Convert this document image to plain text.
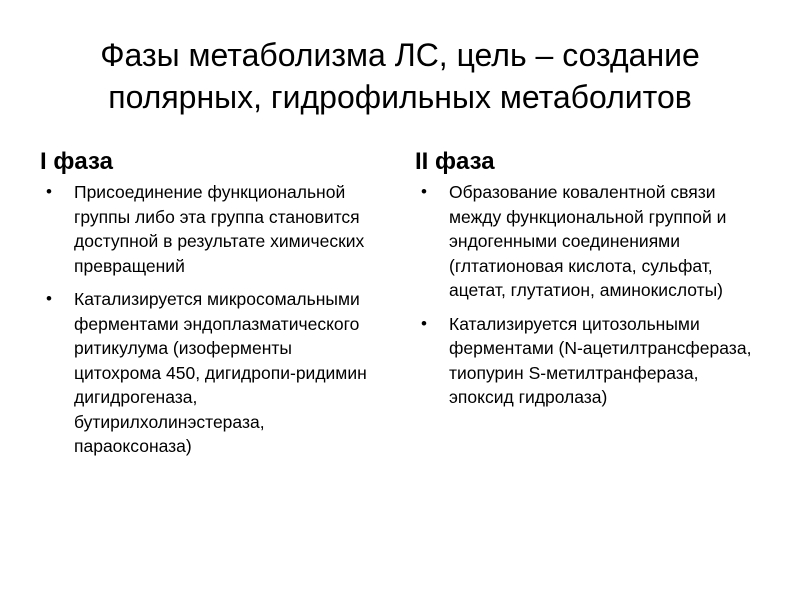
Фазы метаболизма ЛС, цель – создание полярных, гидрофильных метаболитов
I фаза
• Присоединение функциональной группы либо эта группа становится доступной в результате химических превращений
• Катализируется микросомальными ферментами эндоплазматического ритикулума (изоферменты цитохрома 450, дигидропи-ридимин дигидрогеназа, бутирилхолинэстераза, параоксоназа)
II фаза
• Образование ковалентной связи между функциональной группой и эндогенными соединениями (глтатионовая кислота, сульфат, ацетат, глутатион, аминокислоты)
• Катализируется цитозольными ферментами (N-ацетилтрансфераза, тиопурин S-метилтранфераза, эпоксид гидролаза)
